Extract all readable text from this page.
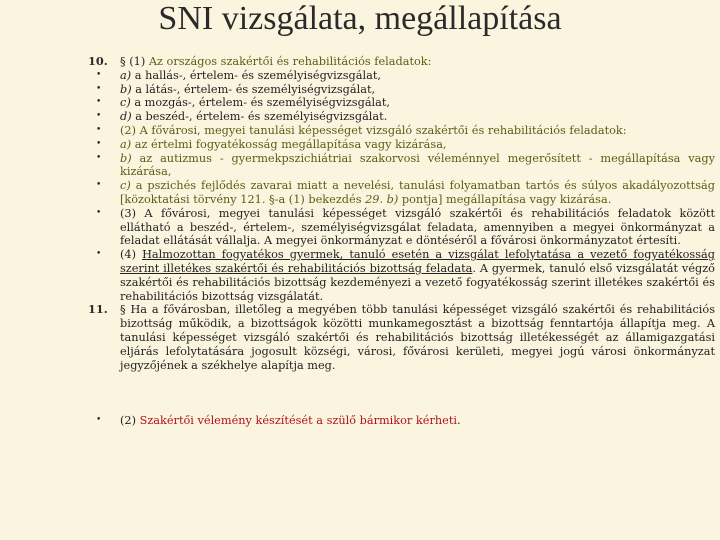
SNI vizsgálata, megállapítása
10.	§ (1) Az országos szakértői és rehabilitációs feladatok:
•	a) a hallás-, értelem- és személyiségvizsgálat,
•	b) a látás-, értelem- és személyiségvizsgálat,
•	c) a mozgás-, értelem- és személyiségvizsgálat,
•	d) a beszéd-, értelem- és személyiségvizsgálat.
•	(2) A fővárosi, megyei tanulási képességet vizsgáló szakértői és rehabilitációs feladatok:
•	a) az értelmi fogyatékosság megállapítása vagy kizárása,
•	b) az autizmus - gyermekpszichiátriai szakorvosi véleménnyel megerősített - megállapítása vagy kizárása,
•	c) a pszichés fejlődés zavarai miatt a nevelési, tanulási folyamatban tartós és súlyos akadályozottság [közoktatási törvény 121. §-a (1) bekezdés 29. b) pontja] megállapítása vagy kizárása.
•	(3) A fővárosi, megyei tanulási képességet vizsgáló szakértői és rehabilitációs feladatok között ellátható a beszéd-, értelem-, személyiségvizsgálat feladata, amennyiben a megyei önkormányzat a feladat ellátását vállalja. A megyei önkormányzat e döntéséről a fővárosi önkormányzatot értesíti.
•	(4) Halmozottan fogyatékos gyermek, tanuló esetén a vizsgálat lefolytatása a vezető fogyatékosság szerint illetékes szakértői és rehabilitációs bizottság feladata. A gyermek, tanuló első vizsgálatát végző szakértői és rehabilitációs bizottság kezdeményezi a vezető fogyatékosság szerint illetékes szakértői és rehabilitációs bizottság vizsgálatát.
11.	§ Ha a fővárosban, illetőleg a megyében több tanulási képességet vizsgáló szakértői és rehabilitációs bizottság működik, a bizottságok közötti munkamegosztást a bizottság fenntartója állapítja meg. A tanulási képességet vizsgáló szakértői és rehabilitációs bizottság illetékességét az államigazgatási eljárás lefolytatására jogosult községi, városi, fővárosi kerületi, megyei jogú városi önkormányzat jegyzőjének a székhelye alapítja meg.
•	(2) Szakértői vélemény készítését a szülő bármikor kérheti.
